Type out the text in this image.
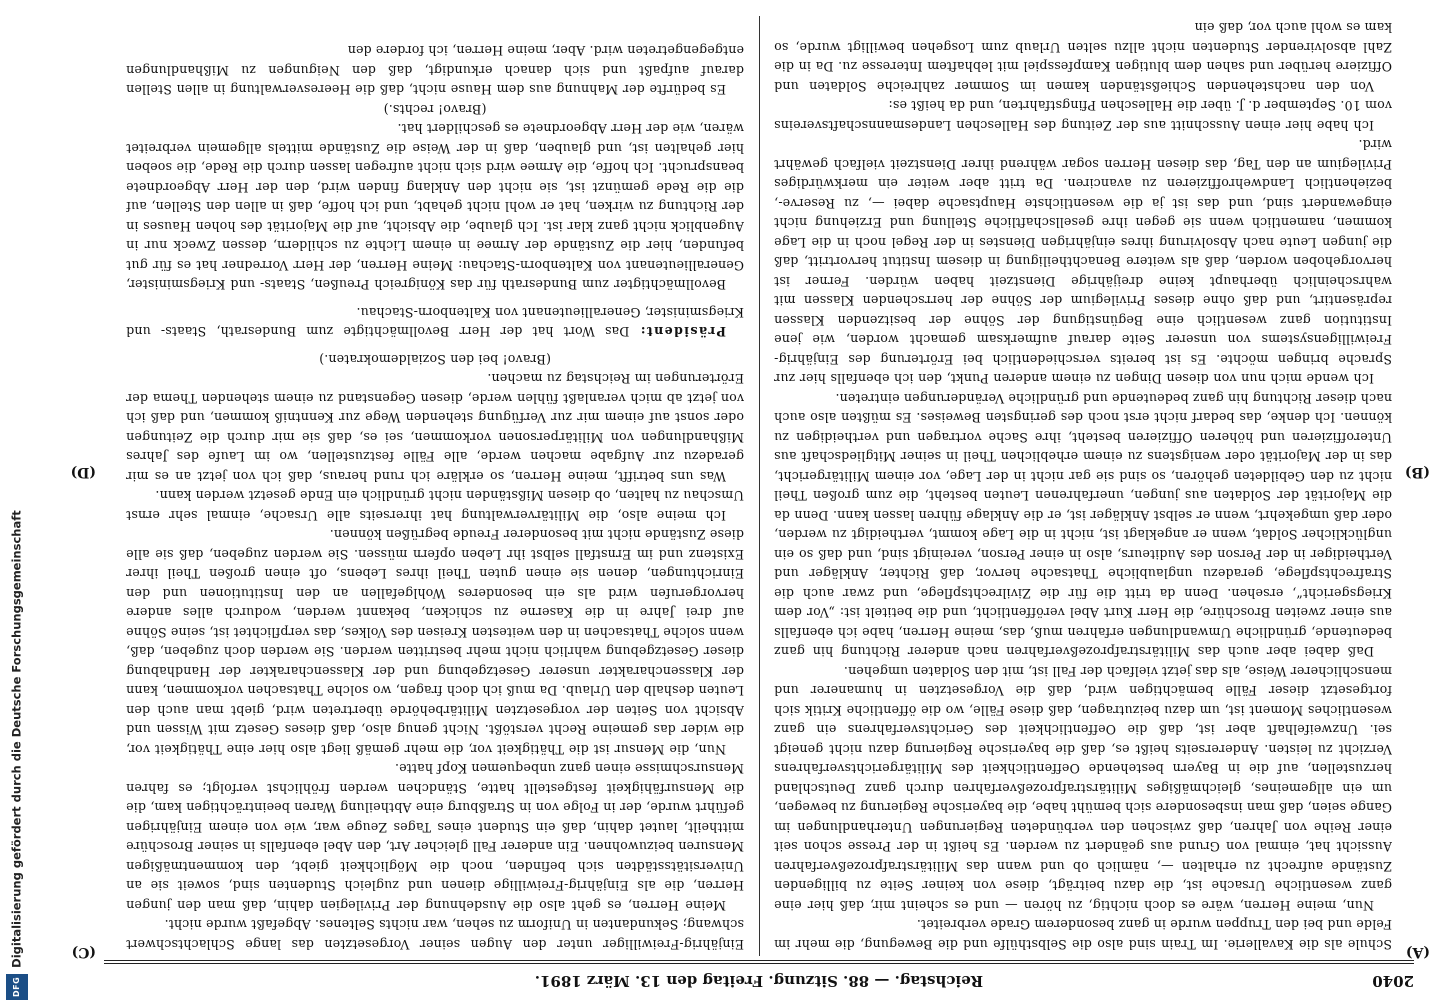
DFGDigitalisierung gefördert durch die Deutsche Forschungsgemeinschaft
2040
Reichstag. — 88. Sitzung. Freitag den 13. März 1891.
(A)
(B)
(C)
(D)

Schule als die Kavallerie. Im Train sind also die Selbsthülfe und die Bewegung, die mehr im Felde und bei den Truppen wurde in ganz besonderem Grade verbreitet.

Nun, meine Herren, wäre es doch nichtig, zu hören — und es scheint mir, daß hier eine ganz wesentliche Ursache ist, die dazu beiträgt, diese von keiner Seite zu billigenden Zustände aufrecht zu erhalten —, nämlich ob und wann das Militärstrafprozeßverfahren Aussicht hat, einmal von Grund aus geändert zu werden. Es heißt in der Presse schon seit einer Reihe von Jahren, daß zwischen den verbündeten Regierungen Unterhandlungen im Gange seien, daß man insbesondere sich bemüht habe, die bayerische Regierung zu bewegen, um ein allgemeines, gleichmäßiges Militärstrafprozeßverfahren durch ganz Deutschland herzustellen, auf die in Bayern bestehende Oeffentlichkeit des Militärgerichtsverfahrens Verzicht zu leisten. Andererseits heißt es, daß die bayerische Regierung dazu nicht geneigt sei. Unzweifelhaft aber ist, daß die Oeffentlichkeit des Gerichtsverfahrens ein ganz wesentliches Moment ist, um dazu beizutragen, daß diese Fälle, wo die öffentliche Kritik sich fortgesetzt dieser Fälle bemächtigen wird, daß die Vorgesetzten in humanerer und menschlicherer Weise, als das jetzt vielfach der Fall ist, mit den Soldaten umgehen.

Daß dabei aber auch das Militärstrafprozeßverfahren nach anderer Richtung hin ganz bedeutende, gründliche Umwandlungen erfahren muß, das, meine Herren, habe ich ebenfalls aus einer zweiten Broschüre, die Herr Kurt Abel veröffentlicht, und die betitelt ist: „Vor dem Kriegsgericht“, ersehen. Denn da tritt die für die Zivilrechtspflege, und zwar auch die Strafrechtspflege, geradezu unglaubliche Thatsache hervor, daß Richter, Ankläger und Vertheidiger in der Person des Auditeurs, also in einer Person, vereinigt sind, und daß so ein unglücklicher Soldat, wenn er angeklagt ist, nicht in die Lage kommt, vertheidigt zu werden, oder daß umgekehrt, wenn er selbst Ankläger ist, er die Anklage führen lassen kann. Denn da die Majorität der Soldaten aus jungen, unerfahrenen Leuten besteht, die zum großen Theil nicht zu den Gebildeten gehören, so sind sie gar nicht in der Lage, vor einem Militärgericht, das in der Majorität oder wenigstens zu einem erheblichen Theil in seiner Mitgliedschaft aus Unteroffizieren und höheren Offizieren besteht, ihre Sache vortragen und vertheidigen zu können. Ich denke, das bedarf nicht erst noch des geringsten Beweises. Es müßten also auch nach dieser Richtung hin ganz bedeutende und gründliche Veränderungen eintreten.

Ich wende mich nun von diesen Dingen zu einem anderen Punkt, den ich ebenfalls hier zur Sprache bringen möchte. Es ist bereits verschiedentlich bei Erörterung des Einjährig-Freiwilligensystems von unserer Seite darauf aufmerksam gemacht worden, wie jene Institution ganz wesentlich eine Begünstigung der Söhne der besitzenden Klassen repräsentirt, und daß ohne dieses Privilegium der Söhne der herrschenden Klassen mit wahrscheinlich überhaupt keine dreijährige Dienstzeit haben würden. Ferner ist hervorgehoben worden, daß als weitere Benachtheiligung in diesem Institut hervortritt, daß die jungen Leute nach Absolvirung ihres einjährigen Dienstes in der Regel noch in die Lage kommen, namentlich wenn sie gegen ihre gesellschaftliche Stellung und Erziehung nicht eingewandert sind, und das ist ja die wesentlichste Hauptsache dabei —, zu Reserve-, beziehentlich Landwehroffizieren zu avanciren. Da tritt aber weiter ein merkwürdiges Privilegium an den Tag, das diesen Herren sogar während ihrer Dienstzeit vielfach gewährt wird.

Ich habe hier einen Ausschnitt aus der Zeitung des Halleschen Landesmannschaftsvereins vom 10. September d. J. über die Halleschen Pfingstfahrten, und da heißt es:

Von den nachstehenden Schießständen kamen im Sommer zahlreiche Soldaten und Offiziere herüber und sahen dem blutigen Kampfesspiel mit lebhaftem Interesse zu. Da in die Zahl absolvirender Studenten nicht allzu selten Urlaub zum Losgehen bewilligt wurde, so kam es wohl auch vor, daß ein

Einjährig-Freiwilliger unter den Augen seiner Vorgesetzten das lange Schlachtschwert schwang; Sekundanten in Uniform zu sehen, war nichts Seltenes. Abgefaßt wurde nicht.

Meine Herren, es geht also die Ausdehnung der Privilegien dahin, daß man den jungen Herren, die als Einjährig-Freiwillige dienen und zugleich Studenten sind, soweit sie an Universitätsstädten sich befinden, noch die Möglichkeit giebt, den kommentmäßigen Mensuren beizuwohnen. Ein anderer Fall gleicher Art, den Abel ebenfalls in seiner Broschüre mittheilt, lautet dahin, daß ein Student eines Tages Zeuge war, wie von einem Einjährigen geführt wurde, der in Folge von in Straßburg eine Abtheilung Waren beeinträchtigen kam, die die Mensurfähigkeit festgestellt hatte, Ständchen werden fröhlichst verfolgt; es fahren Mensurschmisse einen ganz unbequemen Kopf hatte.

Nun, die Mensur ist die Thätigkeit vor, die mehr gemäß liegt also hier eine Thätigkeit vor, die wider das gemeine Recht verstößt. Nicht genug also, daß dieses Gesetz mit Wissen und Absicht von Seiten der vorgesetzten Militärbehörde übertreten wird, giebt man auch den Leuten deshalb den Urlaub. Da muß ich doch fragen, wo solche Thatsachen vorkommen, kann der Klassencharakter unserer Gesetzgebung und der Klassencharakter der Handhabung dieser Gesetzgebung wahrlich nicht mehr bestritten werden. Sie werden doch zugeben, daß, wenn solche Thatsachen in den weitesten Kreisen des Volkes, das verpflichtet ist, seine Söhne auf drei Jahre in die Kaserne zu schicken, bekannt werden, wodurch alles andere hervorgerufen wird als ein besonderes Wohlgefallen an den Institutionen und den Einrichtungen, denen sie einen guten Theil ihres Lebens, oft einen großen Theil ihrer Existenz und im Ernstfall selbst ihr Leben opfern müssen. Sie werden zugeben, daß sie alle diese Zustände nicht mit besonderer Freude begrüßen können.

Ich meine also, die Militärverwaltung hat ihrerseits alle Ursache, einmal sehr ernst Umschau zu halten, ob diesen Mißständen nicht gründlich ein Ende gesetzt werden kann.

Was uns betrifft, meine Herren, so erkläre ich rund heraus, daß ich von jetzt an es mir geradezu zur Aufgabe machen werde, alle Fälle festzustellen, wo im Laufe des Jahres Mißhandlungen von Militärpersonen vorkommen, sei es, daß sie mir durch die Zeitungen oder sonst auf einem mir zur Verfügung stehenden Wege zur Kenntniß kommen, und daß ich von jetzt ab mich veranlaßt fühlen werde, diesen Gegenstand zu einem stehenden Thema der Erörterungen im Reichstag zu machen.

(Bravo! bei den Sozialdemokraten.)

Präsident: Das Wort hat der Herr Bevollmächtigte zum Bundesrath, Staats- und Kriegsminister, Generallieutenant von Kaltenborn-Stachau.

Bevollmächtigter zum Bundesrath für das Königreich Preußen, Staats- und Kriegsminister, Generallieutenant von Kaltenborn-Stachau: Meine Herren, der Herr Vorredner hat es für gut befunden, hier die Zustände der Armee in einem Lichte zu schildern, dessen Zweck nur in Augenblick nicht ganz klar ist. Ich glaube, die Absicht, auf die Majorität des hohen Hauses in der Richtung zu wirken, hat er wohl nicht gehabt, und ich hoffe, daß in allen den Stellen, auf die die Rede gemünzt ist, sie nicht den Anklang finden wird, den der Herr Abgeordnete beansprucht. Ich hoffe, die Armee wird sich nicht aufregen lassen durch die Rede, die soeben hier gehalten ist, und glauben, daß in der Weise die Zustände mittels allgemein verbreitet wären, wie der Herr Abgeordnete es geschildert hat.

(Bravo! rechts.)

Es bedürfte der Mahnung aus dem Hause nicht, daß die Heeresverwaltung in allen Stellen darauf aufpaßt und sich danach erkundigt, daß den Neigungen zu Mißhandlungen entgegengetreten wird. Aber, meine Herren, ich fordere den
